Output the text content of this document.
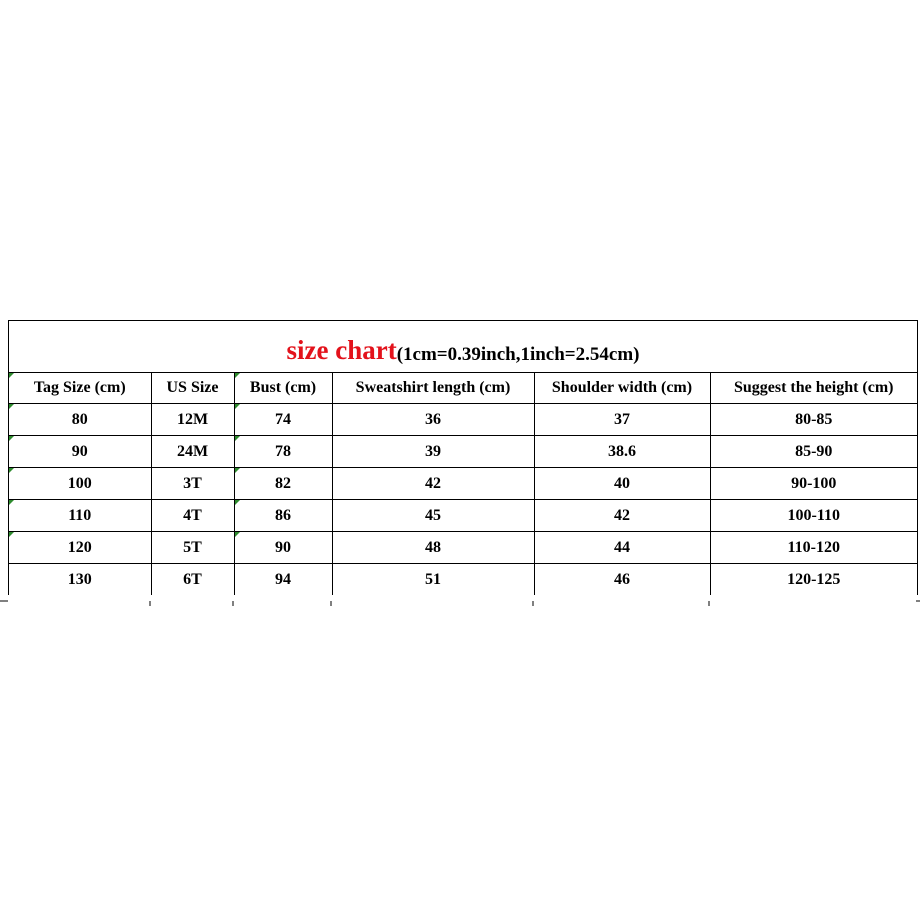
size chart (1cm=0.39inch,1inch=2.54cm)
Tag Size (cm)	US Size	Bust (cm)	Sweatshirt length (cm)	Shoulder width (cm)	Suggest the height (cm)
80	12M	74	36	37	80-85
90	24M	78	39	38.6	85-90
100	3T	82	42	40	90-100
110	4T	86	45	42	100-110
120	5T	90	48	44	110-120
130	6T	94	51	46	120-125
